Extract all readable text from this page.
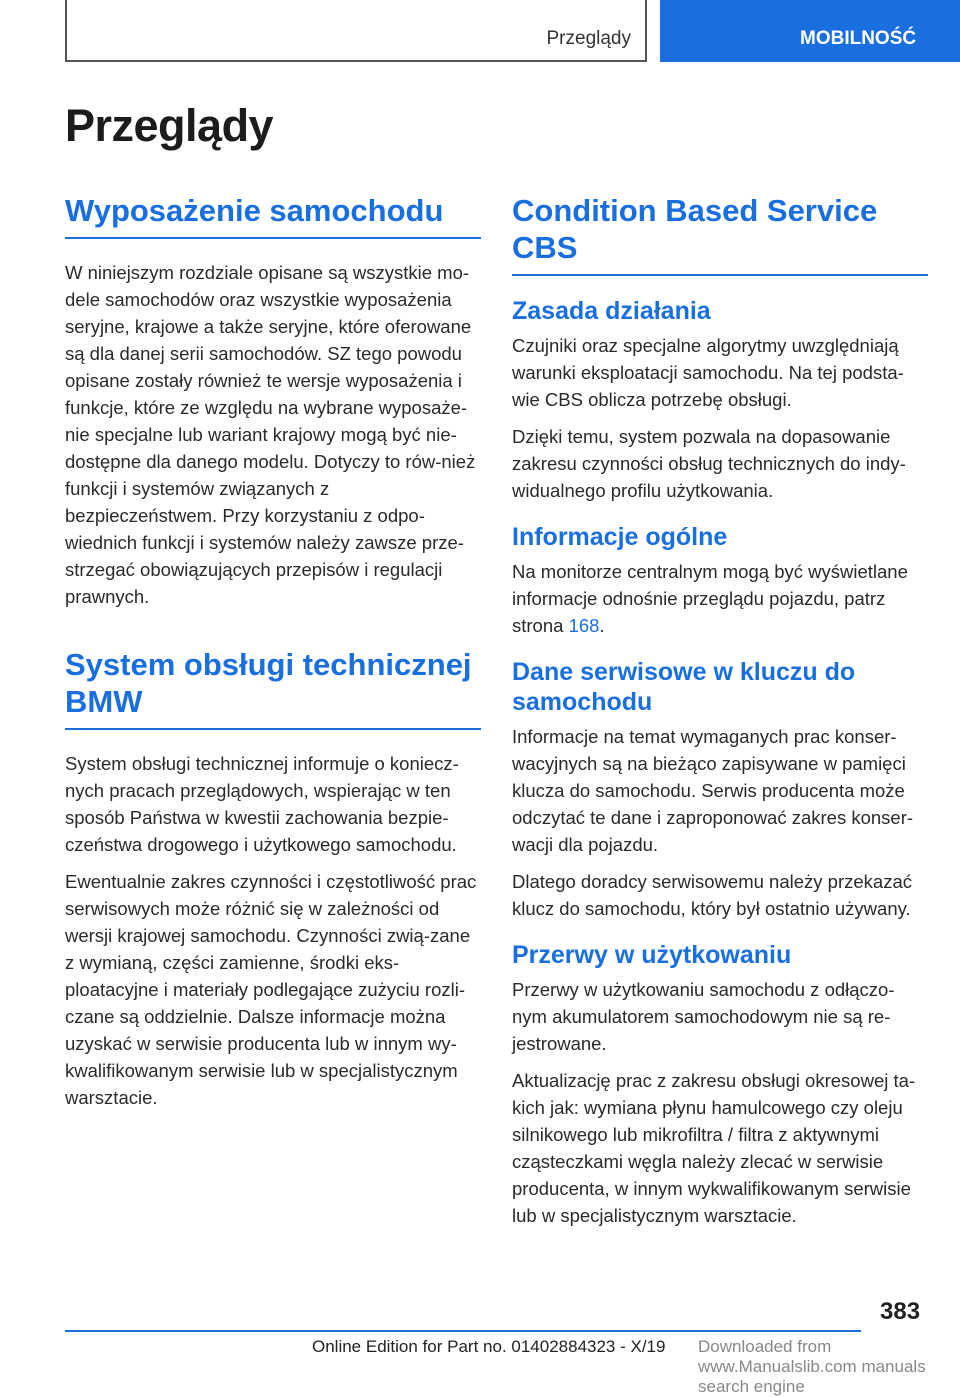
Przeglądy	MOBILNOŚĆ
Przeglądy
Wyposażenie samochodu

W niniejszym rozdziale opisane są wszystkie mo-dele samochodów oraz wszystkie wyposażenia seryjne, krajowe a także seryjne, które oferowane są dla danej serii samochodów. SZ tego powodu opisane zostały również te wersje wyposażenia i funkcje, które ze względu na wybrane wyposaże-nie specjalne lub wariant krajowy mogą być nie-dostępne dla danego modelu. Dotyczy to rów-nież funkcji i systemów związanych z bezpieczeństwem. Przy korzystaniu z odpo-wiednich funkcji i systemów należy zawsze prze-strzegać obowiązujących przepisów i regulacji prawnych.

System obsługi technicznej BMW

System obsługi technicznej informuje o koniecz-nych pracach przeglądowych, wspierając w ten sposób Państwa w kwestii zachowania bezpie-czeństwa drogowego i użytkowego samochodu.

Ewentualnie zakres czynności i częstotliwość prac serwisowych może różnić się w zależności od wersji krajowej samochodu. Czynności zwią-zane z wymianą, części zamienne, środki eks-ploatacyjne i materiały podlegające zużyciu rozli-czane są oddzielnie. Dalsze informacje można uzyskać w serwisie producenta lub w innym wy-kwalifikowanym serwisie lub w specjalistycznym warsztacie.

Condition Based Service CBS
Zasada działania

Czujniki oraz specjalne algorytmy uwzględniają warunki eksploatacji samochodu. Na tej podsta-wie CBS oblicza potrzebę obsługi.

Dzięki temu, system pozwala na dopasowanie zakresu czynności obsług technicznych do indy-widualnego profilu użytkowania.

Informacje ogólne

Na monitorze centralnym mogą być wyświetlane informacje odnośnie przeglądu pojazdu, patrz strona 168.

Dane serwisowe w kluczu do samochodu

Informacje na temat wymaganych prac konser-wacyjnych są na bieżąco zapisywane w pamięci klucza do samochodu. Serwis producenta może odczytać te dane i zaproponować zakres konser-wacji dla pojazdu.

Dlatego doradcy serwisowemu należy przekazać klucz do samochodu, który był ostatnio używany.

Przerwy w użytkowaniu

Przerwy w użytkowaniu samochodu z odłączo-nym akumulatorem samochodowym nie są re-jestrowane.

Aktualizację prac z zakresu obsługi okresowej ta-kich jak: wymiana płynu hamulcowego czy oleju silnikowego lub mikrofiltra / filtra z aktywnymi cząsteczkami węgla należy zlecać w serwisie producenta, w innym wykwalifikowanym serwisie lub w specjalistycznym warsztacie.

383
Online Edition for Part no. 01402884323 - X/19 Downloaded from www.Manualslib.com manuals search engine
